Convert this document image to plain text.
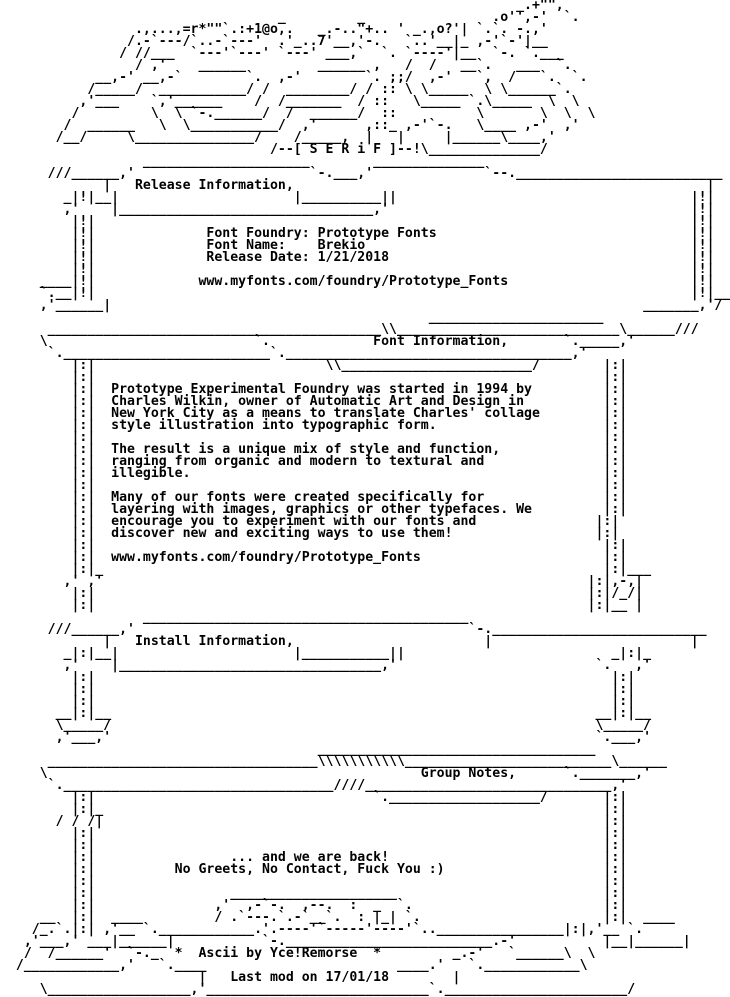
_.+"",
_         _                .o'',-'  `.
.,...,=r*""`.:+1@o,.   _.-.."+.. ' _.,o?'| `.`. -.,'
/.-`---/`..-`---'  .'_..7'__,'-.   `..'__|_ ,-'`-'|__
/ //___  `---'`---' `---' ___,`  `. `----'|__  `-. `.___
/ ,'    ______         ______ ,   /  /   __`.   ___  `.
__,-' __,-`        `.  ,-'        `. ;;/  ,-'   `,  /   `.  `.
/_____/  ___________/ /  ________/ / :: \ \_____  \ \______`.
,'___    `,'______    /  /_______  / ::   \_____ `.\_____  \  \
/         \  \ `-.______/  /  ______/  ::          \       \  \  \
/  ______   \  \___________/  ,'      ,::_ ,-'`-.   \____ ,-'  ,'
/__/     \_______________/    /_____,  |   |     |______\____,'
/--[ S E R i F ]--!\______________/
_____________________        ______________
///______,'                      `-.___,'              `--.__________________________
|   Release Information,                                                    |
_|!|__|                      |__________||                                     |!|
,'    |________________________________,'                                      |!|
|!|                                                                           |!|
|!|              Font Foundry: Prototype Fonts                                |!|
|!|              Font Name:    Brekio                                         |!|
|!|              Release Date: 1/21/2018                                      |!|
|!|                                                                           |!|
____|!|             www.myfonts.com/foundry/Prototype_Fonts                       |!|
`.__|!|                                                                           |!|__
,'______|                                                                   _______,'/
______________________
__________________________________________\\____________________________\______///
\                          `.             Font Information,       `._____,'
`.__________________________`.____________________________________,'
|:|                             \\________________________/        |:|
|:|                                                                |:|
|:|  Prototype Experimental Foundry was started in 1994 by         |:|
|:|  Charles Wilkin, owner of Automatic Art and Design in          |:|
|:|  New York City as a means to translate Charles' collage        |:|
|:|  style illustration into typographic form.                     |:|
|:|                                                                |:|
|:|  The result is a unique mix of style and function,             |:|
|:|  ranging from organic and modern to textural and               |:|
|:|  illegible.                                                    |:|
|:|                                                                |:|
|:|  Many of our fonts were created specifically for               |:|
|:|  layering with images, graphics or other typefaces. We         |:|
|:|  encourage you to experiment with our fonts and               |:|
|:|  discover new and exciting ways to use them!                  |:|
|:|                                                                |:|
|:|  www.myfonts.com/foundry/Prototype_Fonts                       |:|
|:|_                                                               |:|___
,' ,'                                                             |:|,-,|
|:|                                                              |:|/_/|
|:|                                                              |:|__ |
_________________________________________
///______,'                                          `-.___________________________
|   Install Information,                        |                         |
_|:|__|                      |___________||                          _|:|_
,'    |_________________________________,'                         `.   ,'
|:|                                                                 |:|
|:|                                                                 |:|
|:|                                                                 |:|
__|:|__                                                             __|:|__
\_____/                                                             \_____/
,'___,'                                                             `.___,'
___________________________________
__________________________________\\\\\\\\\\\__________________________\______
\                                               Group Notes,      `._______,'
`.__________________________________////_______________________________,'
|:|                                   `.___________________/       |:|
|:|_                                                               |:|
/ / /|                                                               |:|
|:|                                                                |:|
|:|                                                                |:|
|:|                 ... and we are back!                           |:|
|:|          No Greets, No Contact, Fuck You :)                    |:|
|:|                                                                |:|
|:|                 _____________________                          |:|
|:|               ,'  ,-`-.  ,--.  :  _  `.                        |:|
__  |:|  ____         / .`---.`.-`__`.  : |_| `.                       |:|  ____
/_.`.|:| ,'__ `.____________.'.----'`-----'----'`..________________|:|,'__ `.
,'___,' ___|______|           `-.__________________________.-'           |__|______|
/  /______'  `-._  *  Ascii by Yce!Remorse  *         _.-'   `______\  \
/____________,'   `.____                        ____.'   `.____________\
|   Last mod on 17/01/18        |
\__________________,'____________________________`._______________________/
